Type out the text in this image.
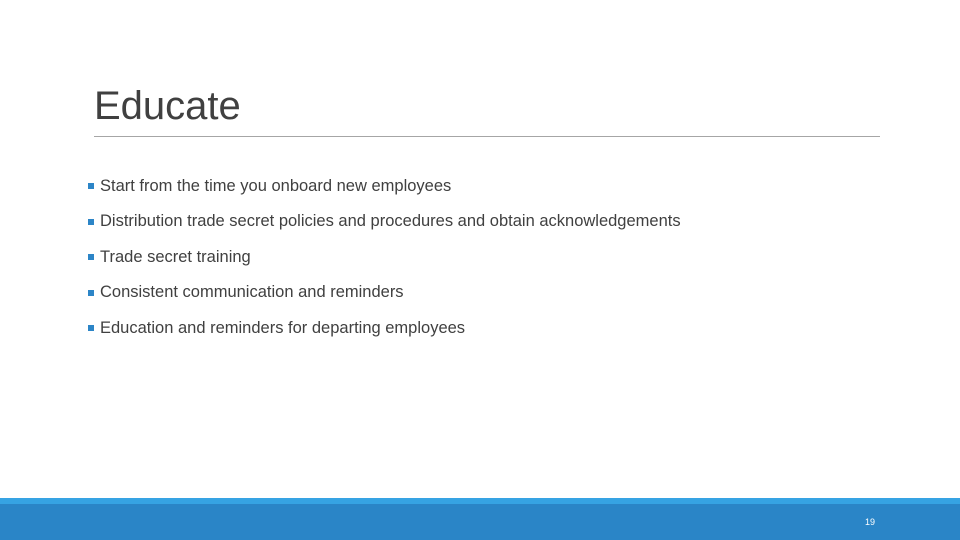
Educate
Start from the time you onboard new employees
Distribution trade secret policies and procedures and obtain acknowledgements
Trade secret training
Consistent communication and reminders
Education and reminders for departing employees
19
